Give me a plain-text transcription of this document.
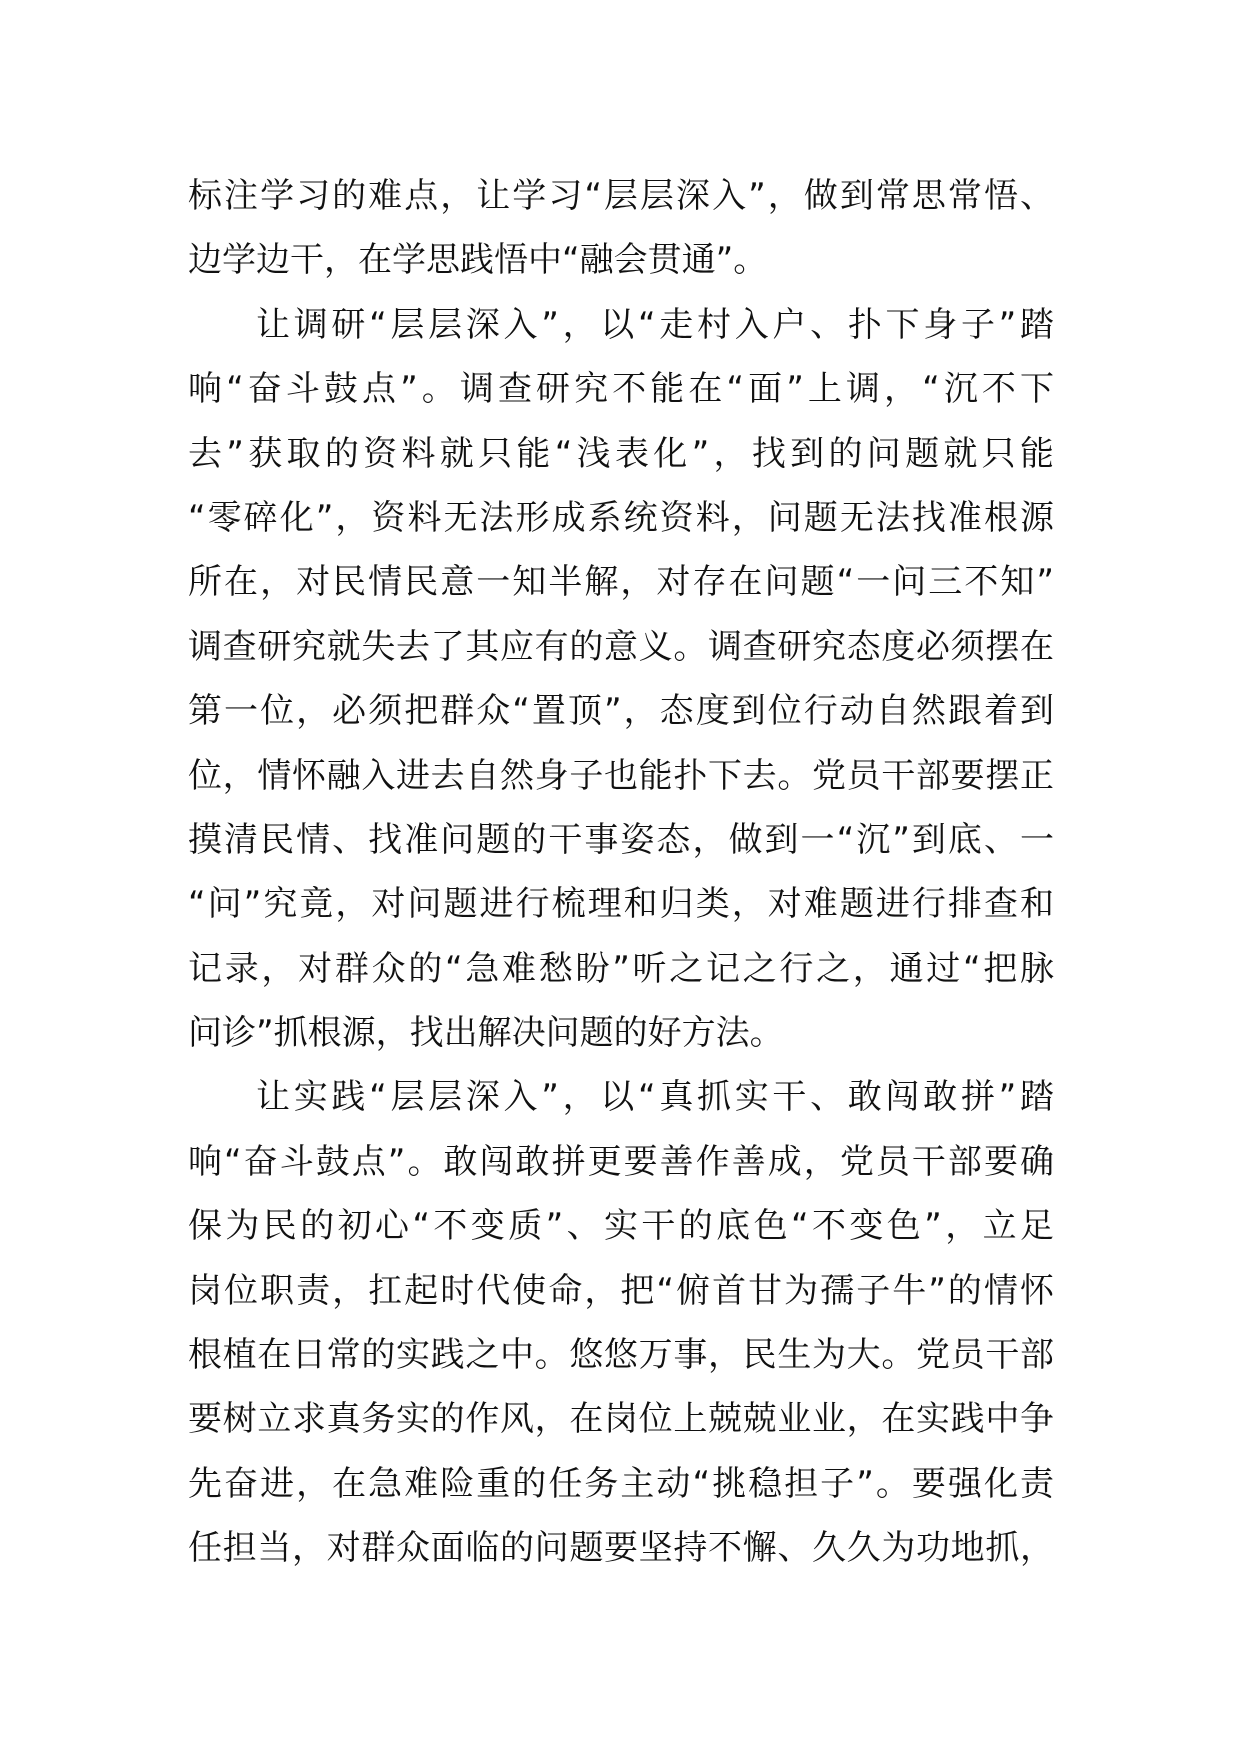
标注学习的难点，让学习“层层深入”，做到常思常悟、
边学边干，在学思践悟中“融会贯通”。
让调研“层层深入”，以“走村入户、扑下身子”踏
响“奋斗鼓点”。调查研究不能在“面”上调，“沉不下
去”获取的资料就只能“浅表化”，找到的问题就只能
“零碎化”，资料无法形成系统资料，问题无法找准根源
所在，对民情民意一知半解，对存在问题“一问三不知”
调查研究就失去了其应有的意义。调查研究态度必须摆在
第一位，必须把群众“置顶”，态度到位行动自然跟着到
位，情怀融入进去自然身子也能扑下去。党员干部要摆正
摸清民情、找准问题的干事姿态，做到一“沉”到底、一
“问”究竟，对问题进行梳理和归类，对难题进行排查和
记录，对群众的“急难愁盼”听之记之行之，通过“把脉
问诊”抓根源，找出解决问题的好方法。
让实践“层层深入”，以“真抓实干、敢闯敢拼”踏
响“奋斗鼓点”。敢闯敢拼更要善作善成，党员干部要确
保为民的初心“不变质”、实干的底色“不变色”，立足
岗位职责，扛起时代使命，把“俯首甘为孺子牛”的情怀
根植在日常的实践之中。悠悠万事，民生为大。党员干部
要树立求真务实的作风，在岗位上兢兢业业，在实践中争
先奋进，在急难险重的任务主动“挑稳担子”。要强化责
任担当，对群众面临的问题要坚持不懈、久久为功地抓，
